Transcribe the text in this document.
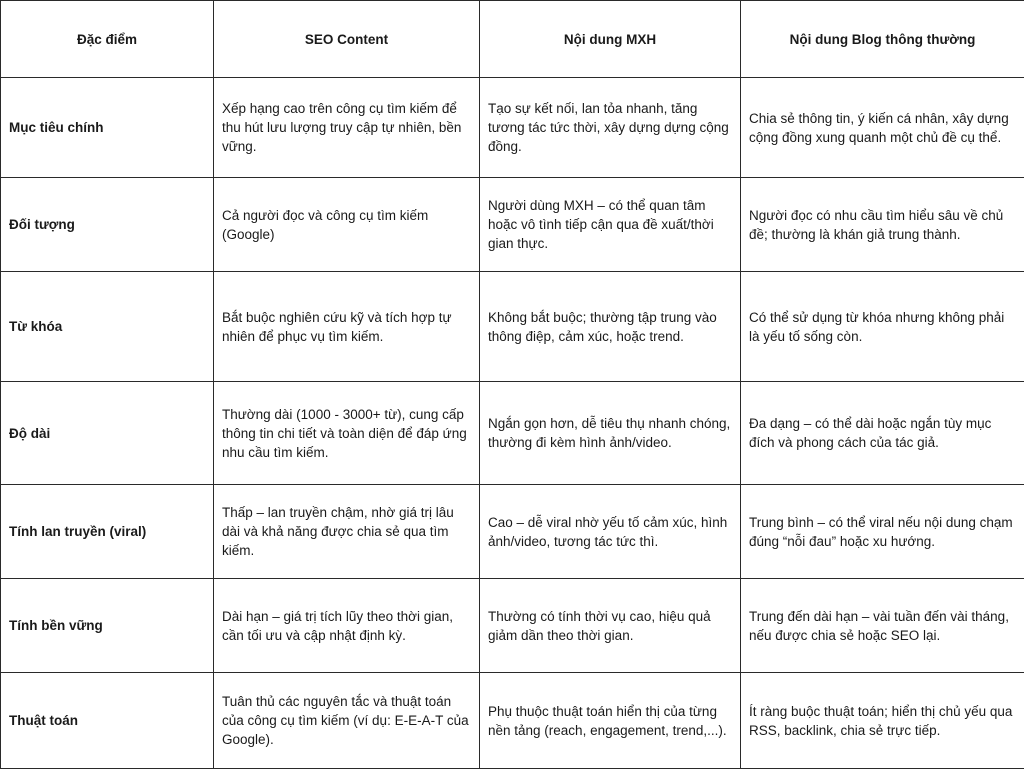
Đặc điểm	SEO Content	Nội dung MXH	Nội dung Blog thông thường
Mục tiêu chính	Xếp hạng cao trên công cụ tìm kiếm để thu hút lưu lượng truy cập tự nhiên, bền vững.	Tạo sự kết nối, lan tỏa nhanh, tăng tương tác tức thời, xây dựng dựng cộng đồng.	Chia sẻ thông tin, ý kiến cá nhân, xây dựng cộng đồng xung quanh một chủ đề cụ thể.
Đối tượng	Cả người đọc và công cụ tìm kiếm (Google)	Người dùng MXH – có thể quan tâm hoặc vô tình tiếp cận qua đề xuất/thời gian thực.	Người đọc có nhu cầu tìm hiểu sâu về chủ đề; thường là khán giả trung thành.
Từ khóa	Bắt buộc nghiên cứu kỹ và tích hợp tự nhiên để phục vụ tìm kiếm.	Không bắt buộc; thường tập trung vào thông điệp, cảm xúc, hoặc trend.	Có thể sử dụng từ khóa nhưng không phải là yếu tố sống còn.
Độ dài	Thường dài (1000 - 3000+ từ), cung cấp thông tin chi tiết và toàn diện để đáp ứng nhu cầu tìm kiếm.	Ngắn gọn hơn, dễ tiêu thụ nhanh chóng, thường đi kèm hình ảnh/video.	Đa dạng – có thể dài hoặc ngắn tùy mục đích và phong cách của tác giả.
Tính lan truyền (viral)	Thấp – lan truyền chậm, nhờ giá trị lâu dài và khả năng được chia sẻ qua tìm kiếm.	Cao – dễ viral nhờ yếu tố cảm xúc, hình ảnh/video, tương tác tức thì.	Trung bình – có thể viral nếu nội dung chạm đúng “nỗi đau” hoặc xu hướng.
Tính bền vững	Dài hạn – giá trị tích lũy theo thời gian, cần tối ưu và cập nhật định kỳ.	Thường có tính thời vụ cao, hiệu quả giảm dần theo thời gian.	Trung đến dài hạn – vài tuần đến vài tháng, nếu được chia sẻ hoặc SEO lại.
Thuật toán	Tuân thủ các nguyên tắc và thuật toán của công cụ tìm kiếm (ví dụ: E-E-A-T của Google).	Phụ thuộc thuật toán hiển thị của từng nền tảng (reach, engagement, trend,...).	Ít ràng buộc thuật toán; hiển thị chủ yếu qua RSS, backlink, chia sẻ trực tiếp.
